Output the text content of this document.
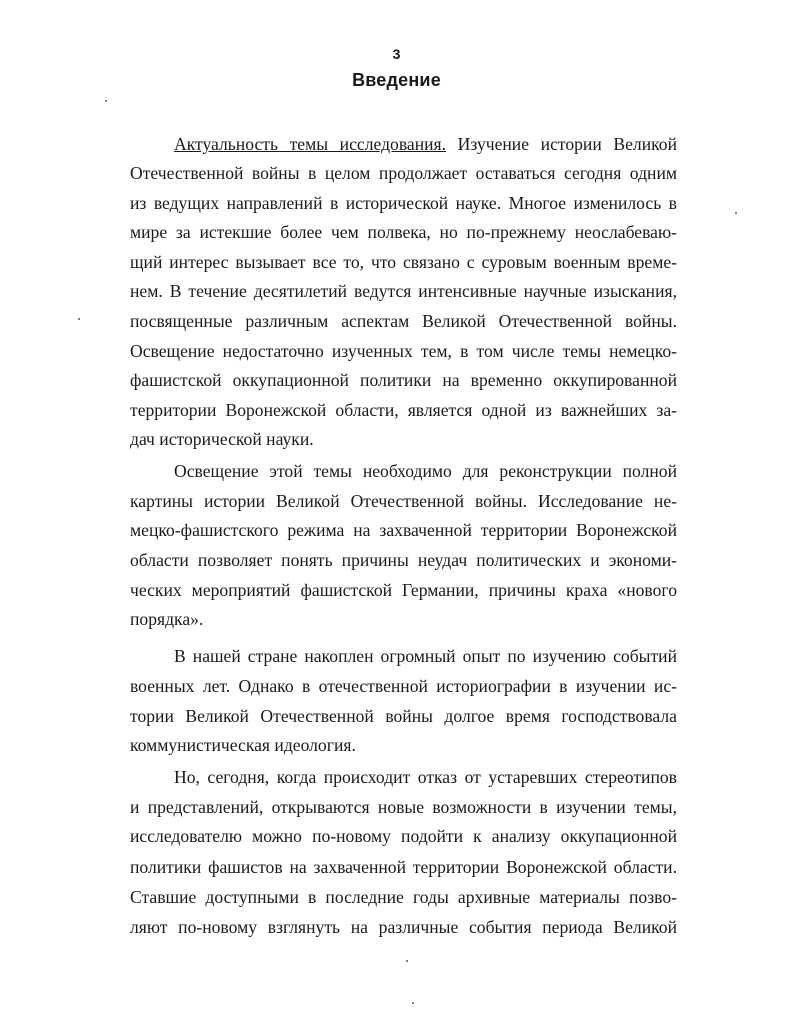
3
Введение
Актуальность темы исследования. Изучение истории Великой
Отечественной войны в целом продолжает оставаться сегодня одним
из ведущих направлений в исторической науке. Многое изменилось в
мире за истекшие более чем полвека, но по-прежнему неослабеваю-
щий интерес вызывает все то, что связано с суровым военным време-
нем. В течение десятилетий ведутся интенсивные научные изыскания,
посвященные различным аспектам Великой Отечественной войны.
Освещение недостаточно изученных тем, в том числе темы немецко-
фашистской оккупационной политики на временно оккупированной
территории Воронежской области, является одной из важнейших за-
дач исторической науки.
Освещение этой темы необходимо для реконструкции полной
картины истории Великой Отечественной войны. Исследование не-
мецко-фашистского режима на захваченной территории Воронежской
области позволяет понять причины неудач политических и экономи-
ческих мероприятий фашистской Германии, причины краха «нового
порядка».
В нашей стране накоплен огромный опыт по изучению событий
военных лет. Однако в отечественной историографии в изучении ис-
тории Великой Отечественной войны долгое время господствовала
коммунистическая идеология.
Но, сегодня, когда происходит отказ от устаревших стереотипов
и представлений, открываются новые возможности в изучении темы,
исследователю можно по-новому подойти к анализу оккупационной
политики фашистов на захваченной территории Воронежской области.
Ставшие доступными в последние годы архивные материалы позво-
ляют по-новому взглянуть на различные события периода Великой
